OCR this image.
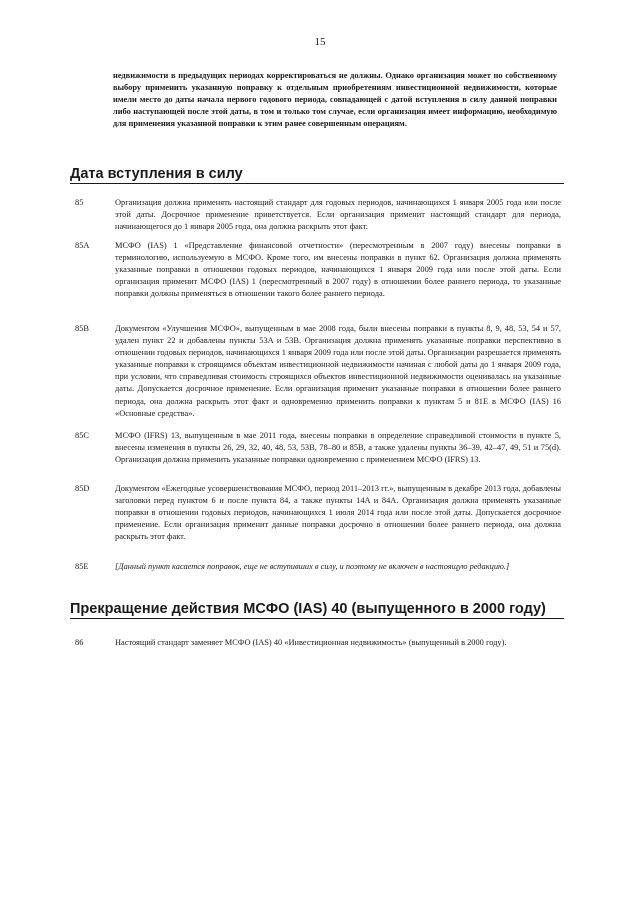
15
недвижимости в предыдущих периодах корректироваться не должны. Однако организация может по собственному выбору применить указанную поправку к отдельным приобретениям инвестиционной недвижимости, которые имели место до даты начала первого годового периода, совпадающей с датой вступления в силу данной поправки либо наступающей после этой даты, в том и только том случае, если организация имеет информацию, необходимую для применения указанной поправки к этим ранее совершенным операциям.
Дата вступления в силу
85	Организация должна применять настоящий стандарт для годовых периодов, начинающихся 1 января 2005 года или после этой даты. Досрочное применение приветствуется. Если организация применит настоящий стандарт для периода, начинающегося до 1 января 2005 года, она должна раскрыть этот факт.
85A	МСФО (IAS) 1 «Представление финансовой отчетности» (пересмотренным в 2007 году) внесены поправки в терминологию, используемую в МСФО. Кроме того, им внесены поправки в пункт 62. Организация должна применять указанные поправки в отношении годовых периодов, начинающихся 1 января 2009 года или после этой даты. Если организация применит МСФО (IAS) 1 (пересмотренный в 2007 году) в отношении более раннего периода, то указанные поправки должны применяться в отношении такого более раннего периода.
85B	Документом «Улучшения МСФО», выпущенным в мае 2008 года, были внесены поправки в пункты 8, 9, 48, 53, 54 и 57, удален пункт 22 и добавлены пункты 53A и 53B. Организация должна применять указанные поправки перспективно в отношении годовых периодов, начинающихся 1 января 2009 года или после этой даты. Организации разрешается применять указанные поправки к строящимся объектам инвестиционной недвижимости начиная с любой даты до 1 января 2009 года, при условии, что справедливая стоимость строящихся объектов инвестиционной недвижимости оценивалась на указанные даты. Допускается досрочное применение. Если организация применит указанные поправки в отношении более раннего периода, она должна раскрыть этот факт и одновременно применить поправки к пунктам 5 и 81E в МСФО (IAS) 16 «Основные средства».
85C	МСФО (IFRS) 13, выпущенным в мае 2011 года, внесены поправки в определение справедливой стоимости в пункте 5, внесены изменения в пункты 26, 29, 32, 40, 48, 53, 53B, 78–80 и 85B, а также удалены пункты 36–39, 42–47, 49, 51 и 75(d). Организация должна применить указанные поправки одновременно с применением МСФО (IFRS) 13.
85D	Документом «Ежегодные усовершенствования МСФО, период 2011–2013 гг.», выпущенным в декабре 2013 года, добавлены заголовки перед пунктом 6 и после пункта 84, а также пункты 14A и 84A. Организация должна применять указанные поправки в отношении годовых периодов, начинающихся 1 июля 2014 года или после этой даты. Допускается досрочное применение. Если организация применит данные поправки досрочно в отношении более раннего периода, она должна раскрыть этот факт.
85E	[Данный пункт касается поправок, еще не вступивших в силу, и поэтому не включен в настоящую редакцию.]
Прекращение действия МСФО (IAS) 40 (выпущенного в 2000 году)
86	Настоящий стандарт заменяет МСФО (IAS) 40 «Инвестиционная недвижимость» (выпущенный в 2000 году).
